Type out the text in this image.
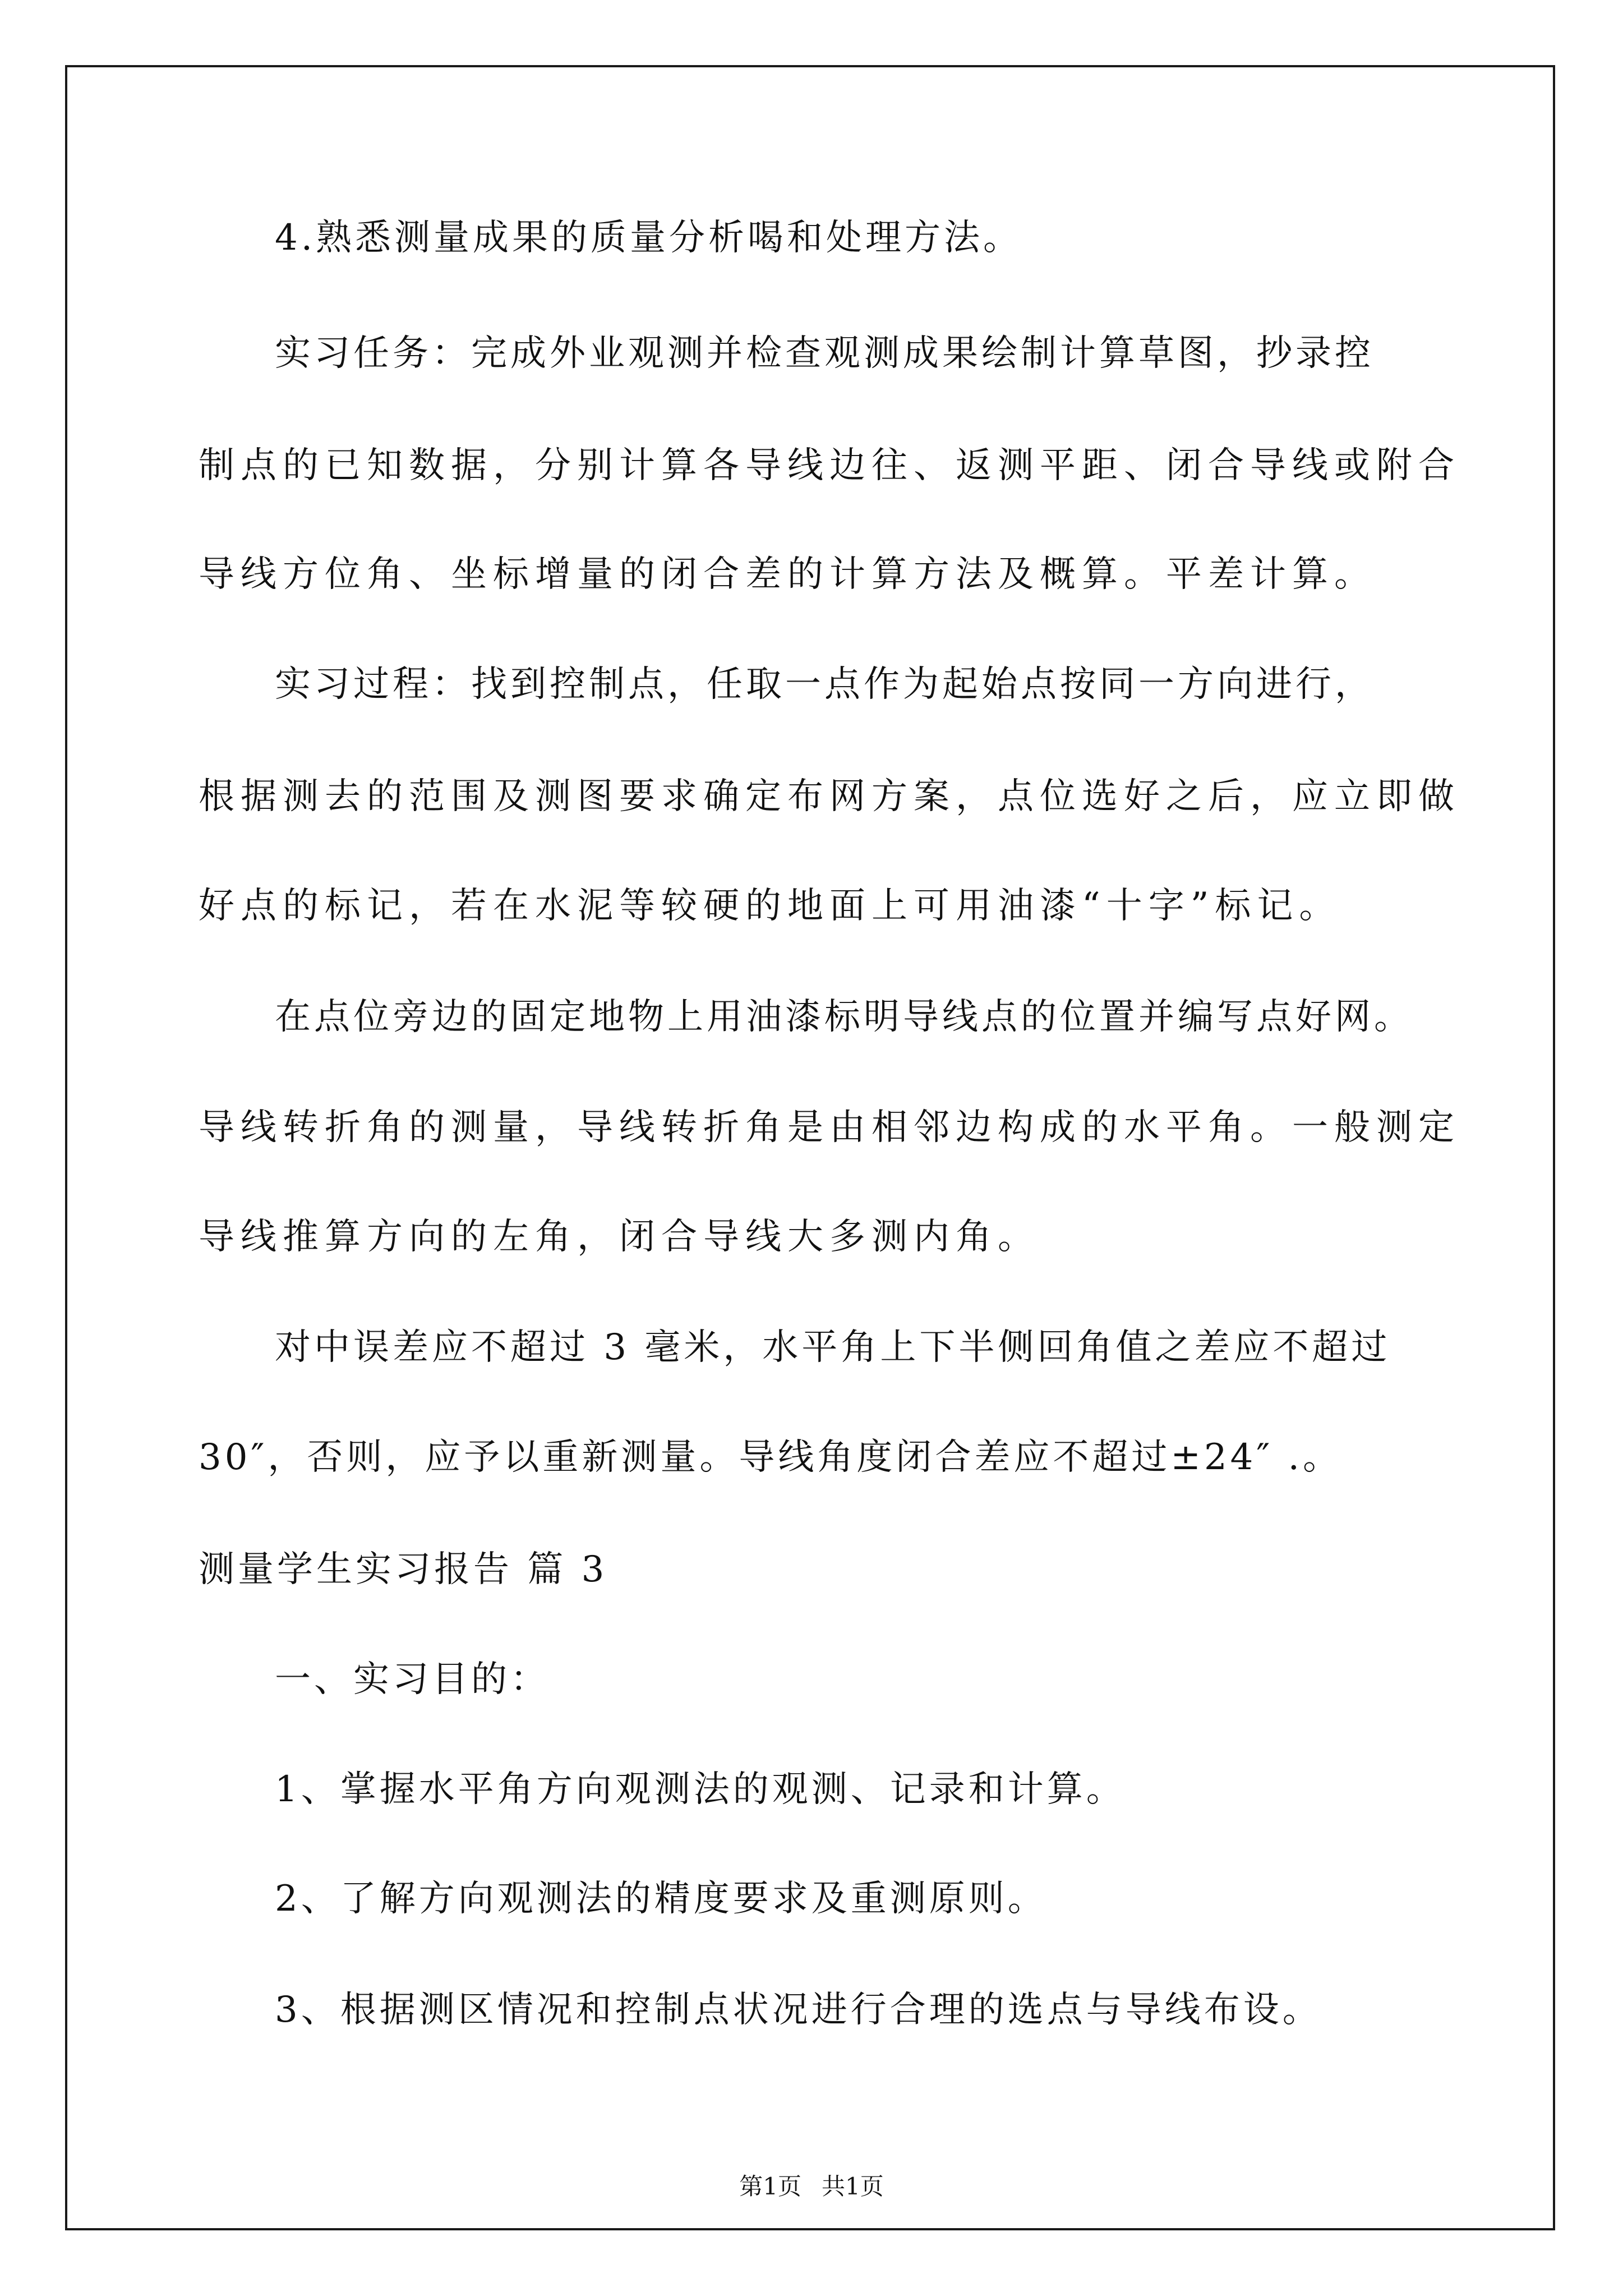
4.熟悉测量成果的质量分析喝和处理方法。
实习任务：完成外业观测并检查观测成果绘制计算草图，抄录控
制点的已知数据，分别计算各导线边往、返测平距、闭合导线或附合
导线方位角、坐标增量的闭合差的计算方法及概算。平差计算。
实习过程：找到控制点，任取一点作为起始点按同一方向进行，
根据测去的范围及测图要求确定布网方案，点位选好之后，应立即做
好点的标记，若在水泥等较硬的地面上可用油漆“十字”标记。
在点位旁边的固定地物上用油漆标明导线点的位置并编写点好网。
导线转折角的测量，导线转折角是由相邻边构成的水平角。一般测定
导线推算方向的左角，闭合导线大多测内角。
对中误差应不超过 3 毫米，水平角上下半侧回角值之差应不超过
30″，否则，应予以重新测量。导线角度闭合差应不超过±24″ .。
测量学生实习报告 篇 3
一、实习目的：
1、掌握水平角方向观测法的观测、记录和计算。
2、了解方向观测法的精度要求及重测原则。
3、根据测区情况和控制点状况进行合理的选点与导线布设。
第1页 共1页
